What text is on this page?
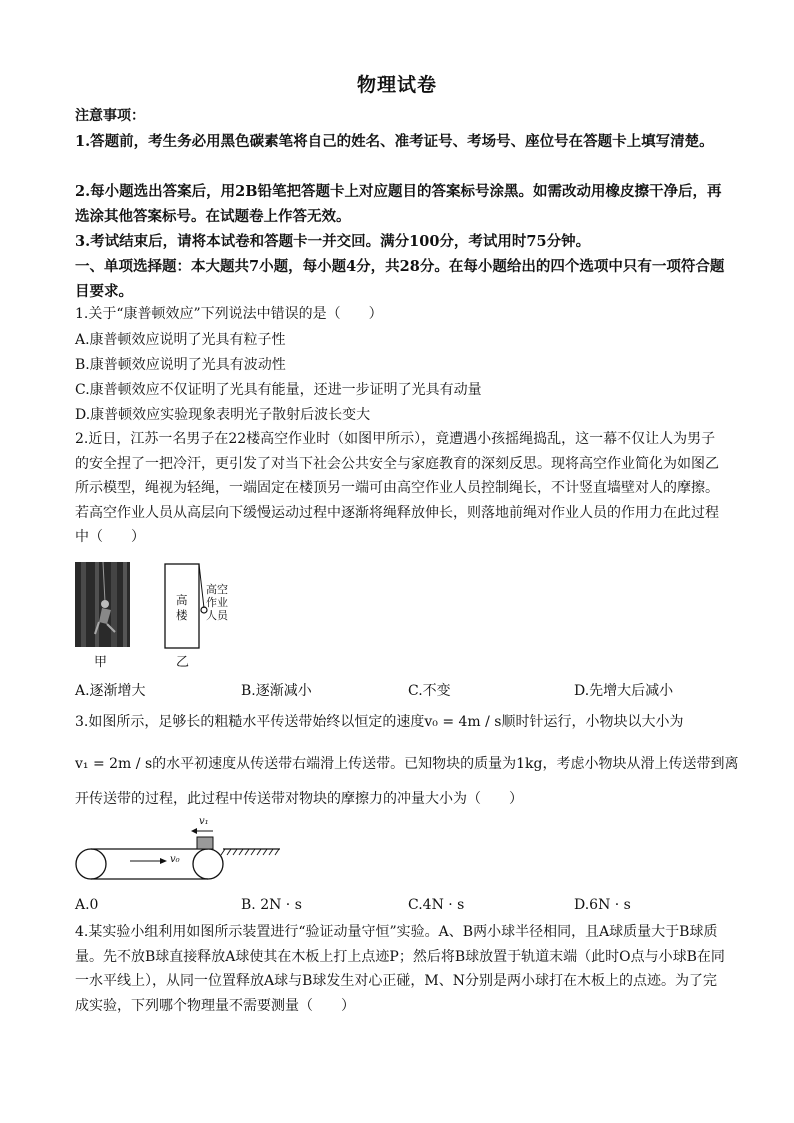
物理试卷
注意事项：
1.答题前，考生务必用黑色碳素笔将自己的姓名、准考证号、考场号、座位号在答题卡上填写清楚。
2.每小题选出答案后，用2B铅笔把答题卡上对应题目的答案标号涂黑。如需改动用橡皮擦干净后，再选涂其他答案标号。在试题卷上作答无效。
3.考试结束后，请将本试卷和答题卡一并交回。满分100分，考试用时75分钟。
一、单项选择题：本大题共7小题，每小题4分，共28分。在每小题给出的四个选项中只有一项符合题目要求。
1.关于“康普顿效应”下列说法中错误的是（　　）
A.康普顿效应说明了光具有粒子性
B.康普顿效应说明了光具有波动性
C.康普顿效应不仅证明了光具有能量，还进一步证明了光具有动量
D.康普顿效应实验现象表明光子散射后波长变大
2.近日，江苏一名男子在22楼高空作业时（如图甲所示），竟遭遇小孩摇绳捣乱，这一幕不仅让人为男子的安全捏了一把冷汗，更引发了对当下社会公共安全与家庭教育的深刻反思。现将高空作业简化为如图乙所示模型，绳视为轻绳，一端固定在楼顶另一端可由高空作业人员控制绳长，不计竖直墙壁对人的摩擦。若高空作业人员从高层向下缓慢运动过程中逐渐将绳释放伸长，则落地前绳对作业人员的作用力在此过程中（　　）
甲
高楼
高空作业人员
乙
A.逐渐增大	B.逐渐减小	C.不变	D.先增大后减小
3.如图所示，足够长的粗糙水平传送带始终以恒定的速度v₀ = 4m / s顺时针运行，小物块以大小为
v₁ = 2m / s的水平初速度从传送带右端滑上传送带。已知物块的质量为1kg，考虑小物块从滑上传送带到离
开传送带的过程，此过程中传送带对物块的摩擦力的冲量大小为（　　）
v₁
v₀
A.0	B. 2N · s	C.4N · s	D.6N · s
4.某实验小组利用如图所示装置进行“验证动量守恒”实验。A、B两小球半径相同，且A球质量大于B球质量。先不放B球直接释放A球使其在木板上打上点迹P；然后将B球放置于轨道末端（此时O点与小球B在同一水平线上），从同一位置释放A球与B球发生对心正碰，M、N分别是两小球打在木板上的点迹。为了完成实验，下列哪个物理量不需要测量（　　）
